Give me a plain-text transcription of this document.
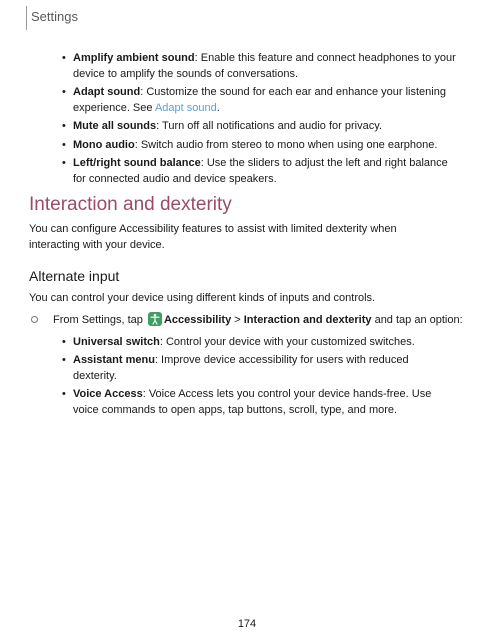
Settings
• Amplify ambient sound: Enable this feature and connect headphones to your
device to amplify the sounds of conversations.
• Adapt sound: Customize the sound for each ear and enhance your listening
experience. See Adapt sound.
• Mute all sounds: Turn off all notifications and audio for privacy.
• Mono audio: Switch audio from stereo to mono when using one earphone.
• Left/right sound balance: Use the sliders to adjust the left and right balance
for connected audio and device speakers.
Interaction and dexterity
You can configure Accessibility features to assist with limited dexterity when
interacting with your device.
Alternate input
You can control your device using different kinds of inputs and controls.
From Settings, tap
Accessibility > Interaction and dexterity and tap an option:
• Universal switch: Control your device with your customized switches.
• Assistant menu: Improve device accessibility for users with reduced
dexterity.
• Voice Access: Voice Access lets you control your device hands-free. Use
voice commands to open apps, tap buttons, scroll, type, and more.
174
